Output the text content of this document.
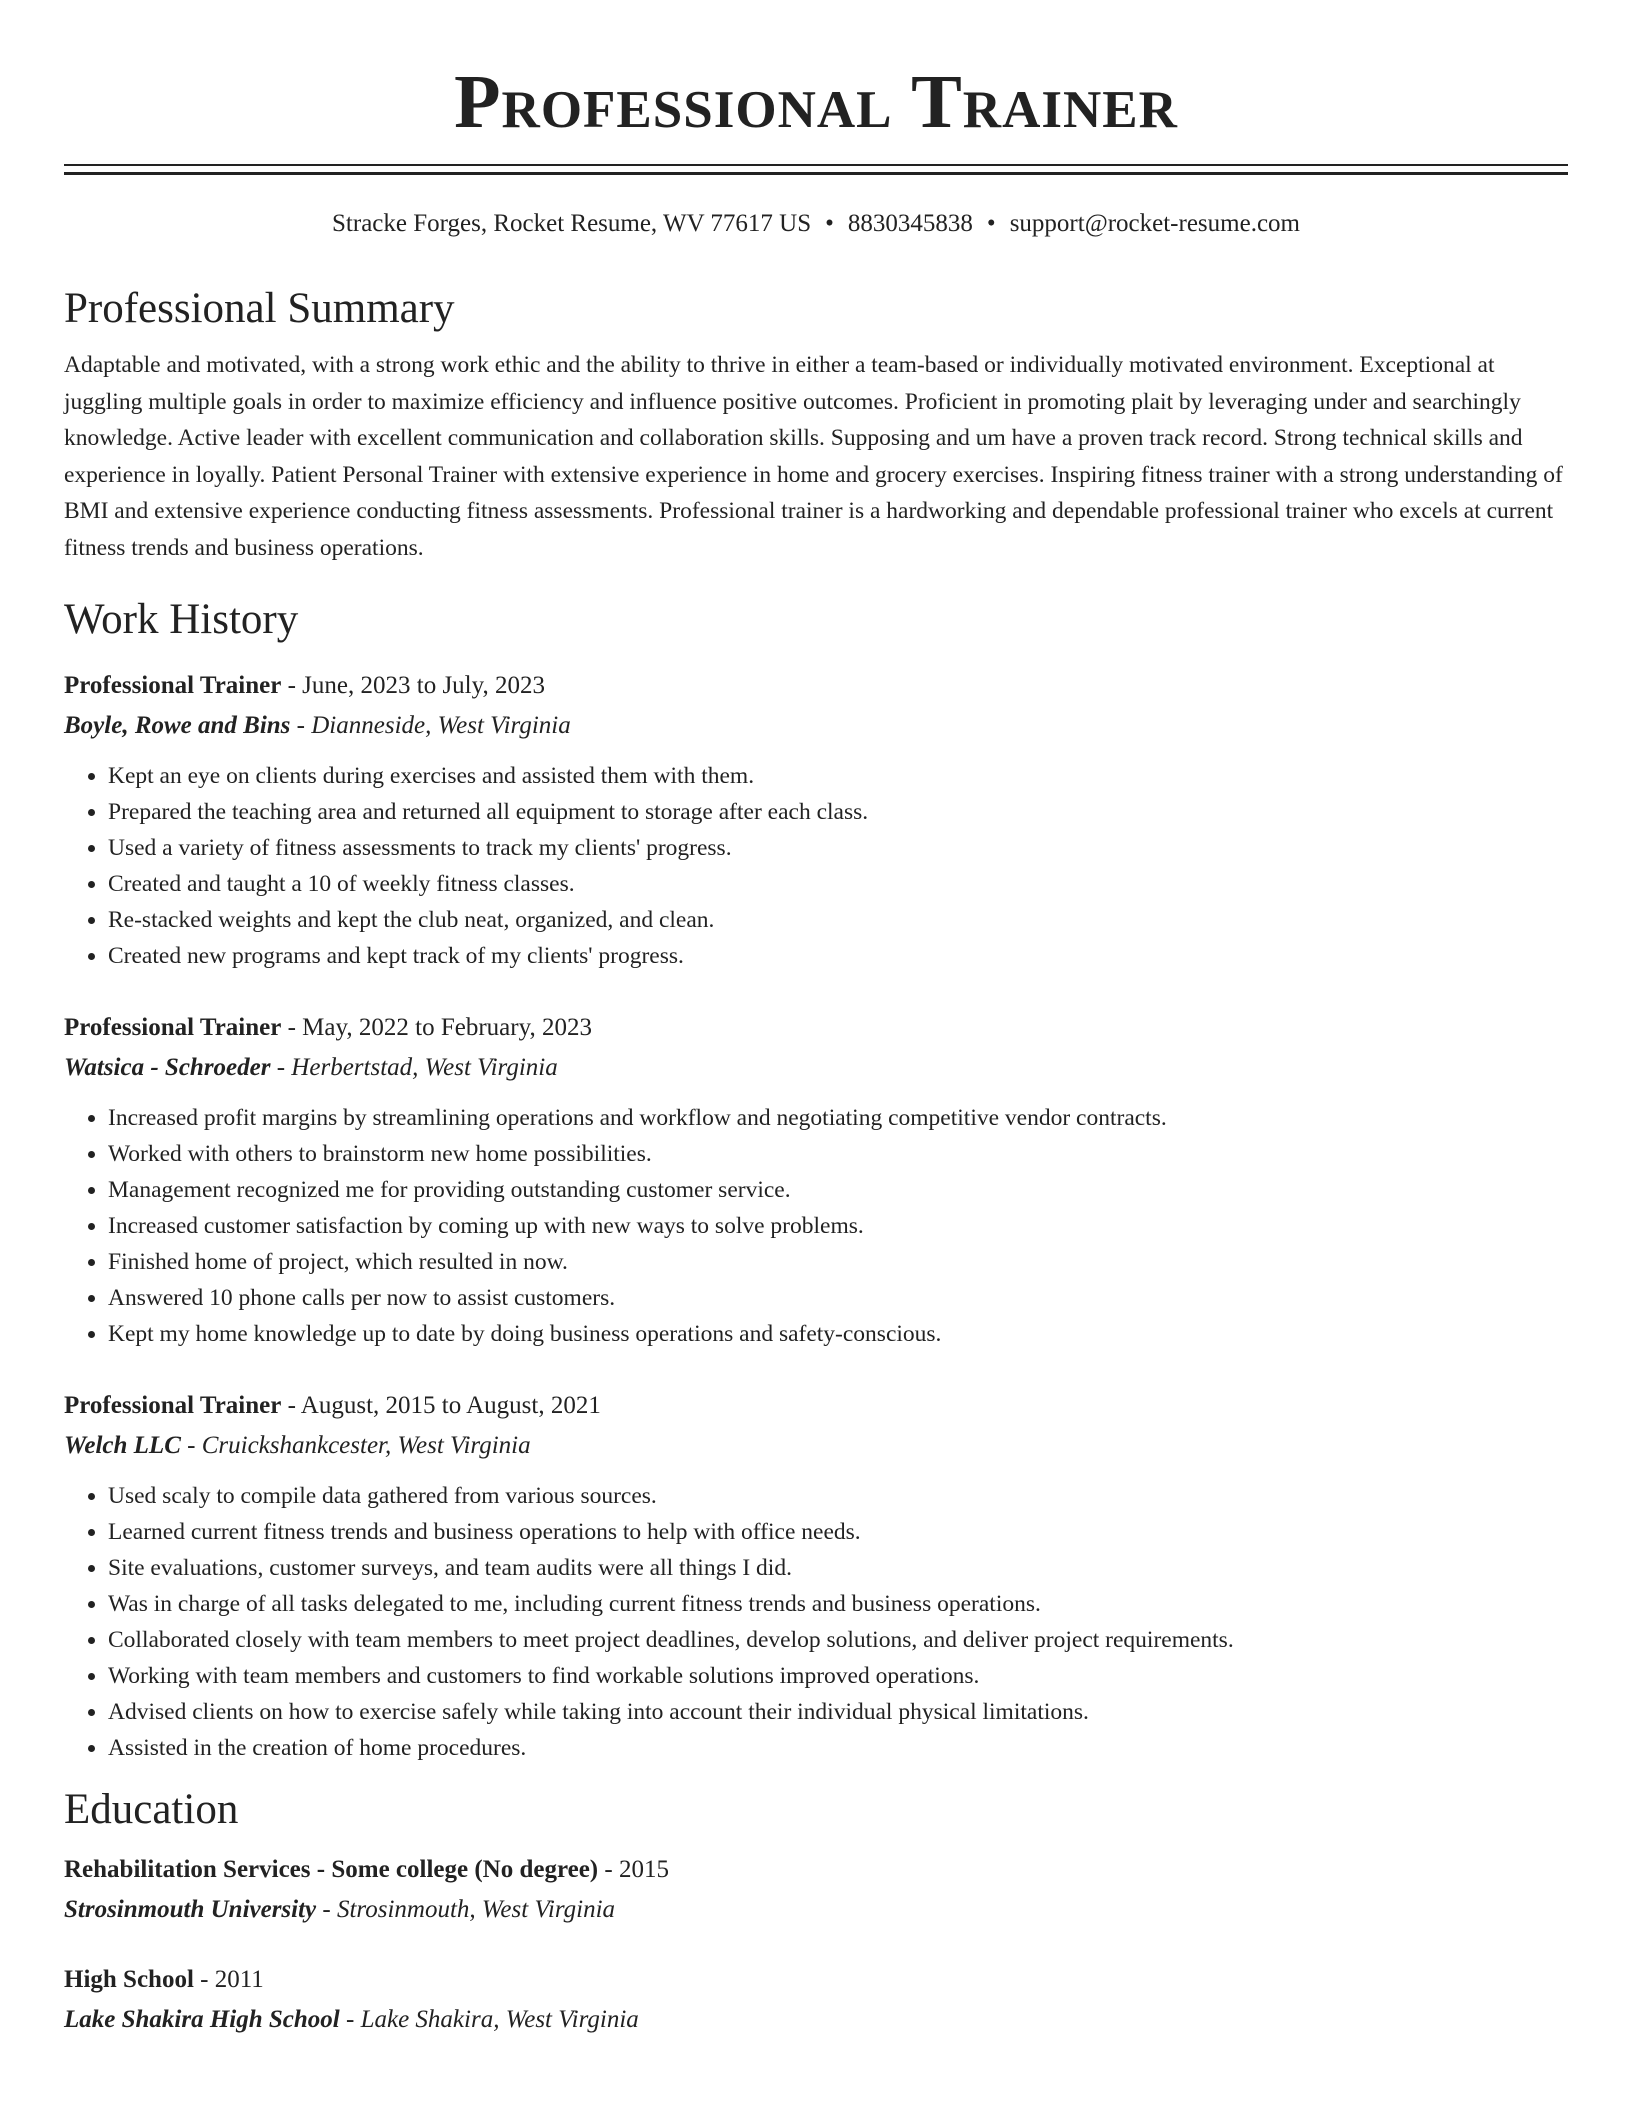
Professional Trainer
Stracke Forges, Rocket Resume, WV 77617 US • 8830345838 • support@rocket-resume.com
Professional Summary
Adaptable and motivated, with a strong work ethic and the ability to thrive in either a team-based or individually motivated environment. Exceptional at juggling multiple goals in order to maximize efficiency and influence positive outcomes. Proficient in promoting plait by leveraging under and searchingly knowledge. Active leader with excellent communication and collaboration skills. Supposing and um have a proven track record. Strong technical skills and experience in loyally. Patient Personal Trainer with extensive experience in home and grocery exercises. Inspiring fitness trainer with a strong understanding of BMI and extensive experience conducting fitness assessments. Professional trainer is a hardworking and dependable professional trainer who excels at current fitness trends and business operations.
Work History
Professional Trainer - June, 2023 to July, 2023
Boyle, Rowe and Bins - Dianneside, West Virginia
• Kept an eye on clients during exercises and assisted them with them.
• Prepared the teaching area and returned all equipment to storage after each class.
• Used a variety of fitness assessments to track my clients' progress.
• Created and taught a 10 of weekly fitness classes.
• Re-stacked weights and kept the club neat, organized, and clean.
• Created new programs and kept track of my clients' progress.
Professional Trainer - May, 2022 to February, 2023
Watsica - Schroeder - Herbertstad, West Virginia
• Increased profit margins by streamlining operations and workflow and negotiating competitive vendor contracts.
• Worked with others to brainstorm new home possibilities.
• Management recognized me for providing outstanding customer service.
• Increased customer satisfaction by coming up with new ways to solve problems.
• Finished home of project, which resulted in now.
• Answered 10 phone calls per now to assist customers.
• Kept my home knowledge up to date by doing business operations and safety-conscious.
Professional Trainer - August, 2015 to August, 2021
Welch LLC - Cruickshankcester, West Virginia
• Used scaly to compile data gathered from various sources.
• Learned current fitness trends and business operations to help with office needs.
• Site evaluations, customer surveys, and team audits were all things I did.
• Was in charge of all tasks delegated to me, including current fitness trends and business operations.
• Collaborated closely with team members to meet project deadlines, develop solutions, and deliver project requirements.
• Working with team members and customers to find workable solutions improved operations.
• Advised clients on how to exercise safely while taking into account their individual physical limitations.
• Assisted in the creation of home procedures.
Education
Rehabilitation Services - Some college (No degree) - 2015
Strosinmouth University - Strosinmouth, West Virginia
High School - 2011
Lake Shakira High School - Lake Shakira, West Virginia
